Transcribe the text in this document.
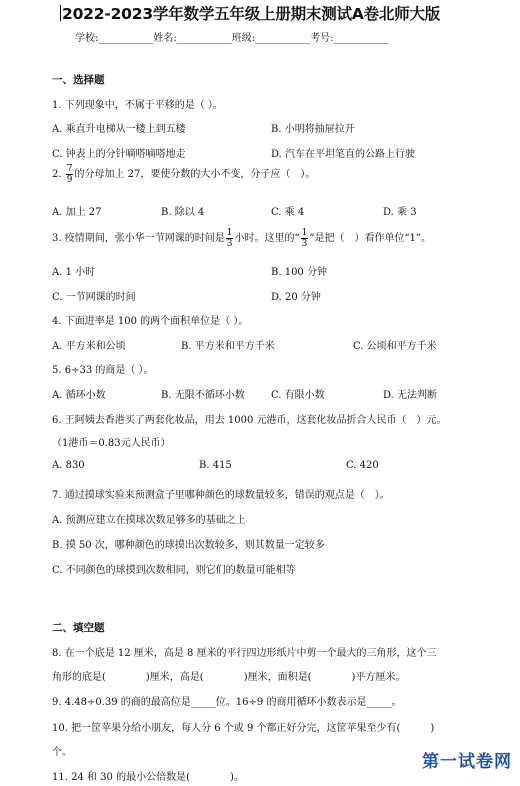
2022-2023学年数学五年级上册期末测试A卷北师大版
学校:___________姓名:___________班级:___________考号:___________
一、选择题
1. 下列现象中，不属于平移的是（ ）。
A. 乘直升电梯从一楼上到五楼	B. 小明将抽屉拉开
C. 钟表上的分针嘀嗒嘀嗒地走	D. 汽车在平坦笔直的公路上行驶
2. $\frac{7}{9}$ 的分母加上 27，要使分数的大小不变，分子应（　）。
A. 加上 27	B. 除以 4	C. 乘 4	D. 乘 3
3. 疫情期间，张小华一节网课的时间是 $\frac{1}{3}$ 小时。这里的“ $\frac{1}{3}$ ”是把（　）看作单位“1”。
A. 1 小时	B. 100 分钟
C. 一节网课的时间	D. 20 分钟
4. 下面进率是 100 的两个面积单位是（ ）。
A. 平方米和公顷	B. 平方米和平方千米	C. 公顷和平方千米
5. 6÷33 的商是（ ）。
A. 循环小数	B. 无限不循环小数	C. 有限小数	D. 无法判断
6. 王阿姨去香港买了两套化妆品，用去 1000 元港币，这套化妆品折合人民币（　）元。
（1港币＝0.83元人民币）
A. 830	B. 415	C. 420
7. 通过摸球实验来预测盒子里哪种颜色的球数量较多，错误的观点是（　）。
A. 预测应建立在摸球次数足够多的基础之上
B. 摸 50 次，哪种颜色的球摸出次数较多，则其数量一定较多
C. 不同颜色的球摸到次数相同，则它们的数量可能相等
二、填空题
8. 在一个底是 12 厘米，高是 8 厘米的平行四边形纸片中剪一个最大的三角形，这个三
角形的底是(　　　　)厘米，高是(　　　　)厘米，面积是(　　　　)平方厘米。
9. 4.48÷0.39 的商的最高位是_____位。16÷9 的商用循环小数表示是_____。
10. 把一筐苹果分给小朋友，每人分 6 个或 9 个都正好分完，这筐苹果至少有(　　　)
个。
11. 24 和 30 的最小公倍数是(　　　　)。
第一试卷网
